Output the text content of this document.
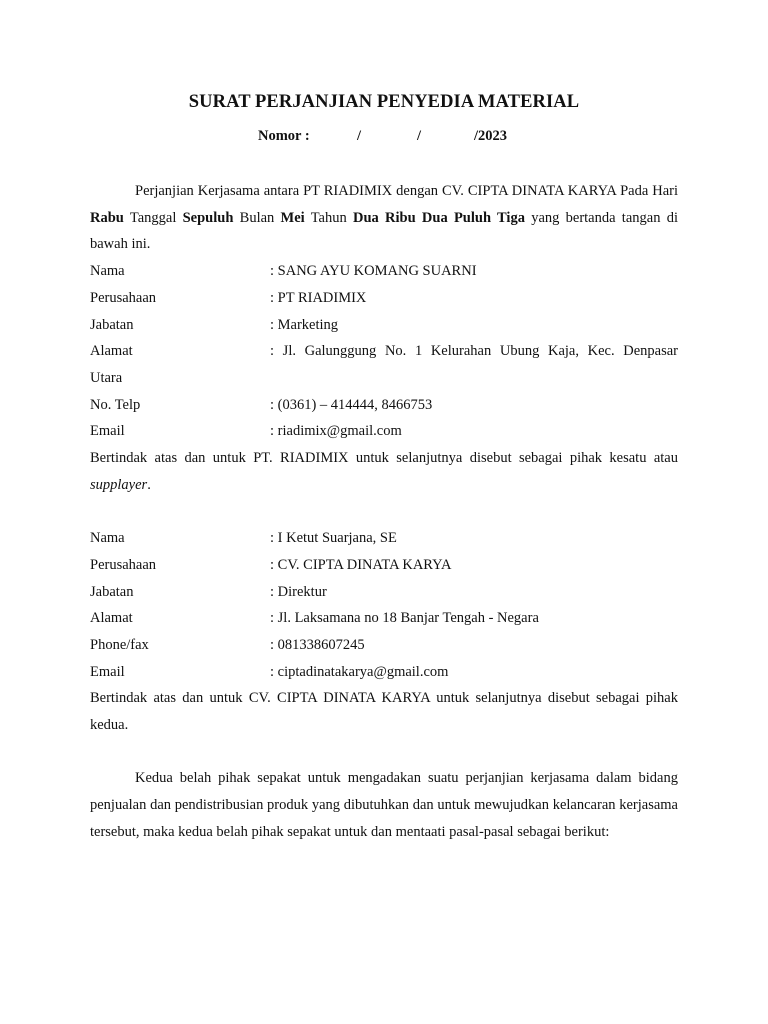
SURAT PERJANJIAN PENYEDIA MATERIAL
Nomor :	/	/	/2023

Perjanjian Kerjasama antara PT RIADIMIX dengan CV. CIPTA DINATA KARYA Pada Hari Rabu Tanggal Sepuluh Bulan Mei Tahun Dua Ribu Dua Puluh Tiga yang bertanda tangan di bawah ini.

Nama	: SANG AYU KOMANG SUARNI
Perusahaan	: PT RIADIMIX
Jabatan	: Marketing
Alamat	: Jl. Galunggung No. 1 Kelurahan Ubung Kaja, Kec. Denpasar
Utara
No. Telp	: (0361) – 414444, 8466753
Email	: riadimix@gmail.com

Bertindak atas dan untuk PT. RIADIMIX untuk selanjutnya disebut sebagai pihak kesatu atau supplayer.

Nama	: I Ketut Suarjana, SE
Perusahaan	: CV. CIPTA DINATA KARYA
Jabatan	: Direktur
Alamat	: Jl. Laksamana no 18 Banjar Tengah - Negara
Phone/fax	: 081338607245
Email	: ciptadinatakarya@gmail.com

Bertindak atas dan untuk CV. CIPTA DINATA KARYA untuk selanjutnya disebut sebagai pihak kedua.

Kedua belah pihak sepakat untuk mengadakan suatu perjanjian kerjasama dalam bidang penjualan dan pendistribusian produk yang dibutuhkan dan untuk mewujudkan kelancaran kerjasama tersebut, maka kedua belah pihak sepakat untuk dan mentaati pasal-pasal sebagai berikut:
